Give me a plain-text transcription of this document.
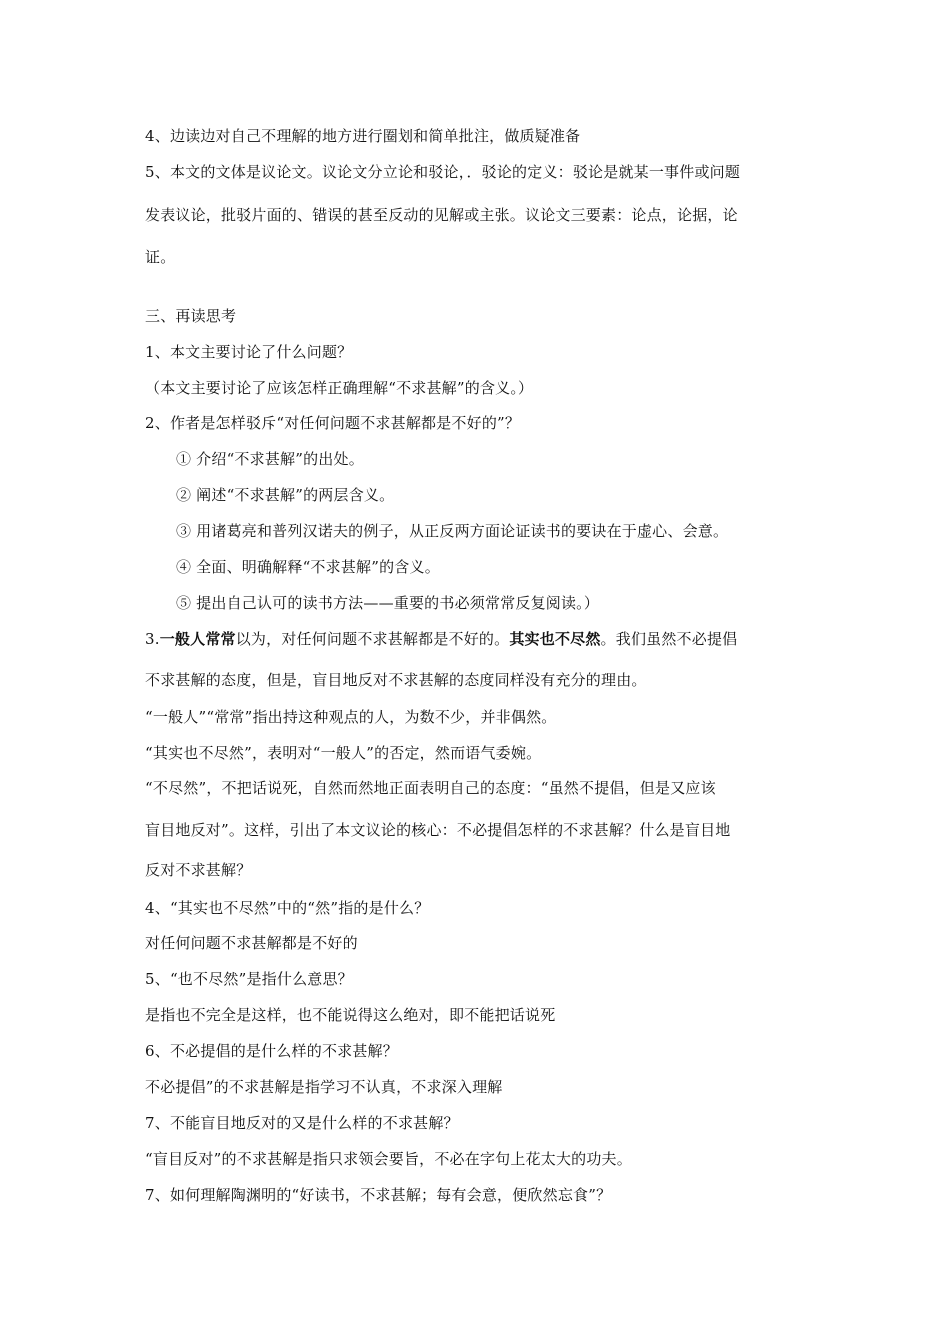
4、边读边对自己不理解的地方进行圈划和简单批注，做质疑准备
5、本文的文体是议论文。议论文分立论和驳论，．驳论的定义：驳论是就某一事件或问题
发表议论，批驳片面的、错误的甚至反动的见解或主张。议论文三要素：论点，论据，论
证。
三、再读思考
1、本文主要讨论了什么问题？
（本文主要讨论了应该怎样正确理解“不求甚解”的含义。）
2、作者是怎样驳斥“对任何问题不求甚解都是不好的”？
① 介绍“不求甚解”的出处。
② 阐述“不求甚解”的两层含义。
③ 用诸葛亮和普列汉诺夫的例子，从正反两方面论证读书的要诀在于虚心、会意。
④ 全面、明确解释“不求甚解”的含义。
⑤ 提出自己认可的读书方法——重要的书必须常常反复阅读。）
3.一般人常常以为，对任何问题不求甚解都是不好的。其实也不尽然。我们虽然不必提倡
不求甚解的态度，但是，盲目地反对不求甚解的态度同样没有充分的理由。
“一般人”“常常”指出持这种观点的人，为数不少，并非偶然。
“其实也不尽然”，表明对“一般人”的否定，然而语气委婉。
“不尽然”，不把话说死，自然而然地正面表明自己的态度：“虽然不提倡，但是又应该
盲目地反对”。这样，引出了本文议论的核心：不必提倡怎样的不求甚解？什么是盲目地
反对不求甚解？
4、“其实也不尽然”中的“然”指的是什么？
对任何问题不求甚解都是不好的
5、“也不尽然”是指什么意思？
是指也不完全是这样，也不能说得这么绝对，即不能把话说死
6、不必提倡的是什么样的不求甚解？
不必提倡”的不求甚解是指学习不认真，不求深入理解
7、不能盲目地反对的又是什么样的不求甚解？
“盲目反对”的不求甚解是指只求领会要旨，不必在字句上花太大的功夫。
7、如何理解陶渊明的“好读书，不求甚解；每有会意，便欣然忘食”？
